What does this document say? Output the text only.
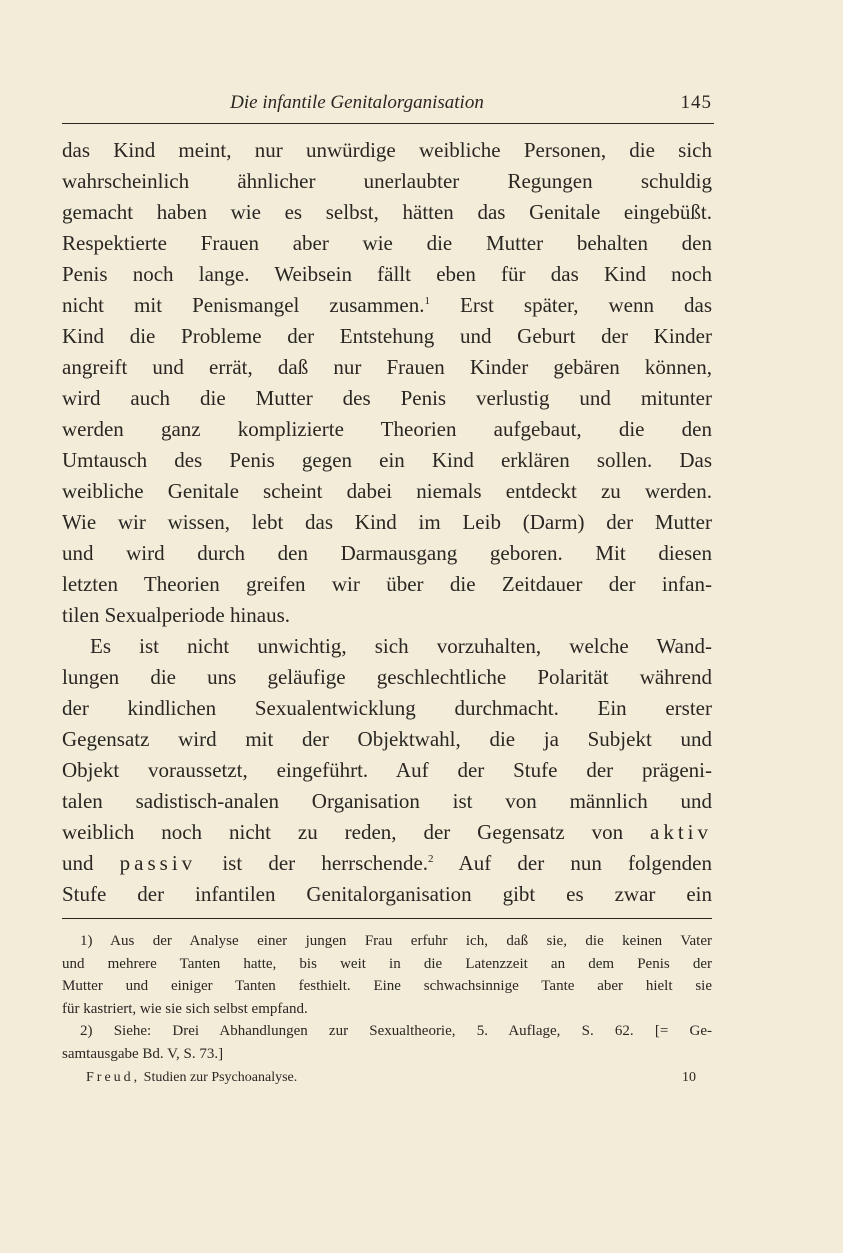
Die infantile Genitalorganisation	145
das Kind meint, nur unwürdige weibliche Personen, die sich
wahrscheinlich ähnlicher unerlaubter Regungen schuldig
gemacht haben wie es selbst, hätten das Genitale eingebüßt.
Respektierte Frauen aber wie die Mutter behalten den
Penis noch lange. Weibsein fällt eben für das Kind noch
nicht mit Penismangel zusammen.$^1$ Erst später, wenn das
Kind die Probleme der Entstehung und Geburt der Kinder
angreift und errät, daß nur Frauen Kinder gebären können,
wird auch die Mutter des Penis verlustig und mitunter
werden ganz komplizierte Theorien aufgebaut, die den
Umtausch des Penis gegen ein Kind erklären sollen. Das
weibliche Genitale scheint dabei niemals entdeckt zu werden.
Wie wir wissen, lebt das Kind im Leib (Darm) der Mutter
und wird durch den Darmausgang geboren. Mit diesen
letzten Theorien greifen wir über die Zeitdauer der infan-
tilen Sexualperiode hinaus.
Es ist nicht unwichtig, sich vorzuhalten, welche Wand-
lungen die uns geläufige geschlechtliche Polarität während
der kindlichen Sexualentwicklung durchmacht. Ein erster
Gegensatz wird mit der Objektwahl, die ja Subjekt und
Objekt voraussetzt, eingeführt. Auf der Stufe der prägeni-
talen sadistisch-analen Organisation ist von männlich und
weiblich noch nicht zu reden, der Gegensatz von aktiv
und passiv ist der herrschende.$^2$ Auf der nun folgenden
Stufe der infantilen Genitalorganisation gibt es zwar ein
1) Aus der Analyse einer jungen Frau erfuhr ich, daß sie, die keinen Vater
und mehrere Tanten hatte, bis weit in die Latenzzeit an dem Penis der
Mutter und einiger Tanten festhielt. Eine schwachsinnige Tante aber hielt sie
für kastriert, wie sie sich selbst empfand.
2) Siehe: Drei Abhandlungen zur Sexualtheorie, 5. Auflage, S. 62. [= Ge-
samtausgabe Bd. V, S. 73.]
Freud, Studien zur Psychoanalyse.	10
